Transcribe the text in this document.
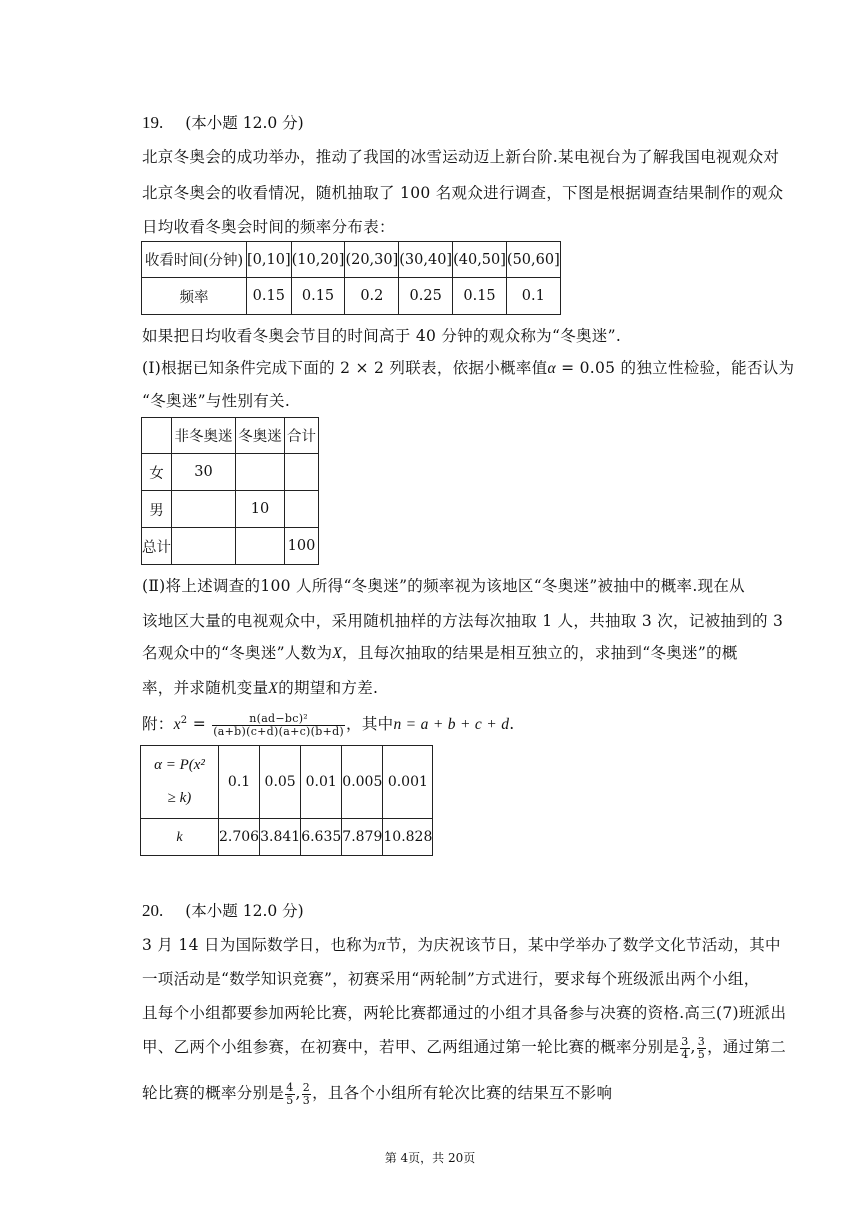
19. (本小题 12.0 分)
北京冬奥会的成功举办，推动了我国的冰雪运动迈上新台阶.某电视台为了解我国电视观众对
北京冬奥会的收看情况，随机抽取了 100 名观众进行调查，下图是根据调查结果制作的观众
日均收看冬奥会时间的频率分布表：
收看时间(分钟)	[0,10]	(10,20]	(20,30]	(30,40]	(40,50]	(50,60]
频率	0.15	0.15	0.2	0.25	0.15	0.1
如果把日均收看冬奥会节目的时间高于 40 分钟的观众称为“冬奥迷”.
(Ⅰ)根据已知条件完成下面的 2 × 2 列联表，依据小概率值α = 0.05 的独立性检验，能否认为
“冬奥迷”与性别有关.
	非冬奥迷	冬奥迷	合计
女	30		
男		10	
总计			100
(Ⅱ)将上述调查的100 人所得“冬奥迷”的频率视为该地区“冬奥迷”被抽中的概率.现在从
该地区大量的电视观众中，采用随机抽样的方法每次抽取 1 人，共抽取 3 次，记被抽到的 3
名观众中的“冬奥迷”人数为X，且每次抽取的结果是相互独立的，求抽到“冬奥迷”的概
率，并求随机变量X的期望和方差.
附：$x^2 = \frac{\text{n(ad−bc)²}}{(a+b)(c+d)(a+c)(b+d)}$ ，其中n = a + b + c + d.
α = P(x²
≥ k)	0.1	0.05	0.01	0.005	0.001
k	2.706	3.841	6.635	7.879	10.828
20. (本小题 12.0 分)
3 月 14 日为国际数学日，也称为π节，为庆祝该节日，某中学举办了数学文化节活动，其中
一项活动是“数学知识竞赛”，初赛采用“两轮制”方式进行，要求每个班级派出两个小组，
且每个小组都要参加两轮比赛，两轮比赛都通过的小组才具备参与决赛的资格.高三(7)班派出
甲、乙两个小组参赛，在初赛中，若甲、乙两组通过第一轮比赛的概率分别是 $\frac{3}{4}$ , $\frac{3}{5}$ ，通过第二
轮比赛的概率分别是 $\frac{4}{5}$ , $\frac{2}{3}$ ，且各个小组所有轮次比赛的结果互不影响
第 4页，共 20页
